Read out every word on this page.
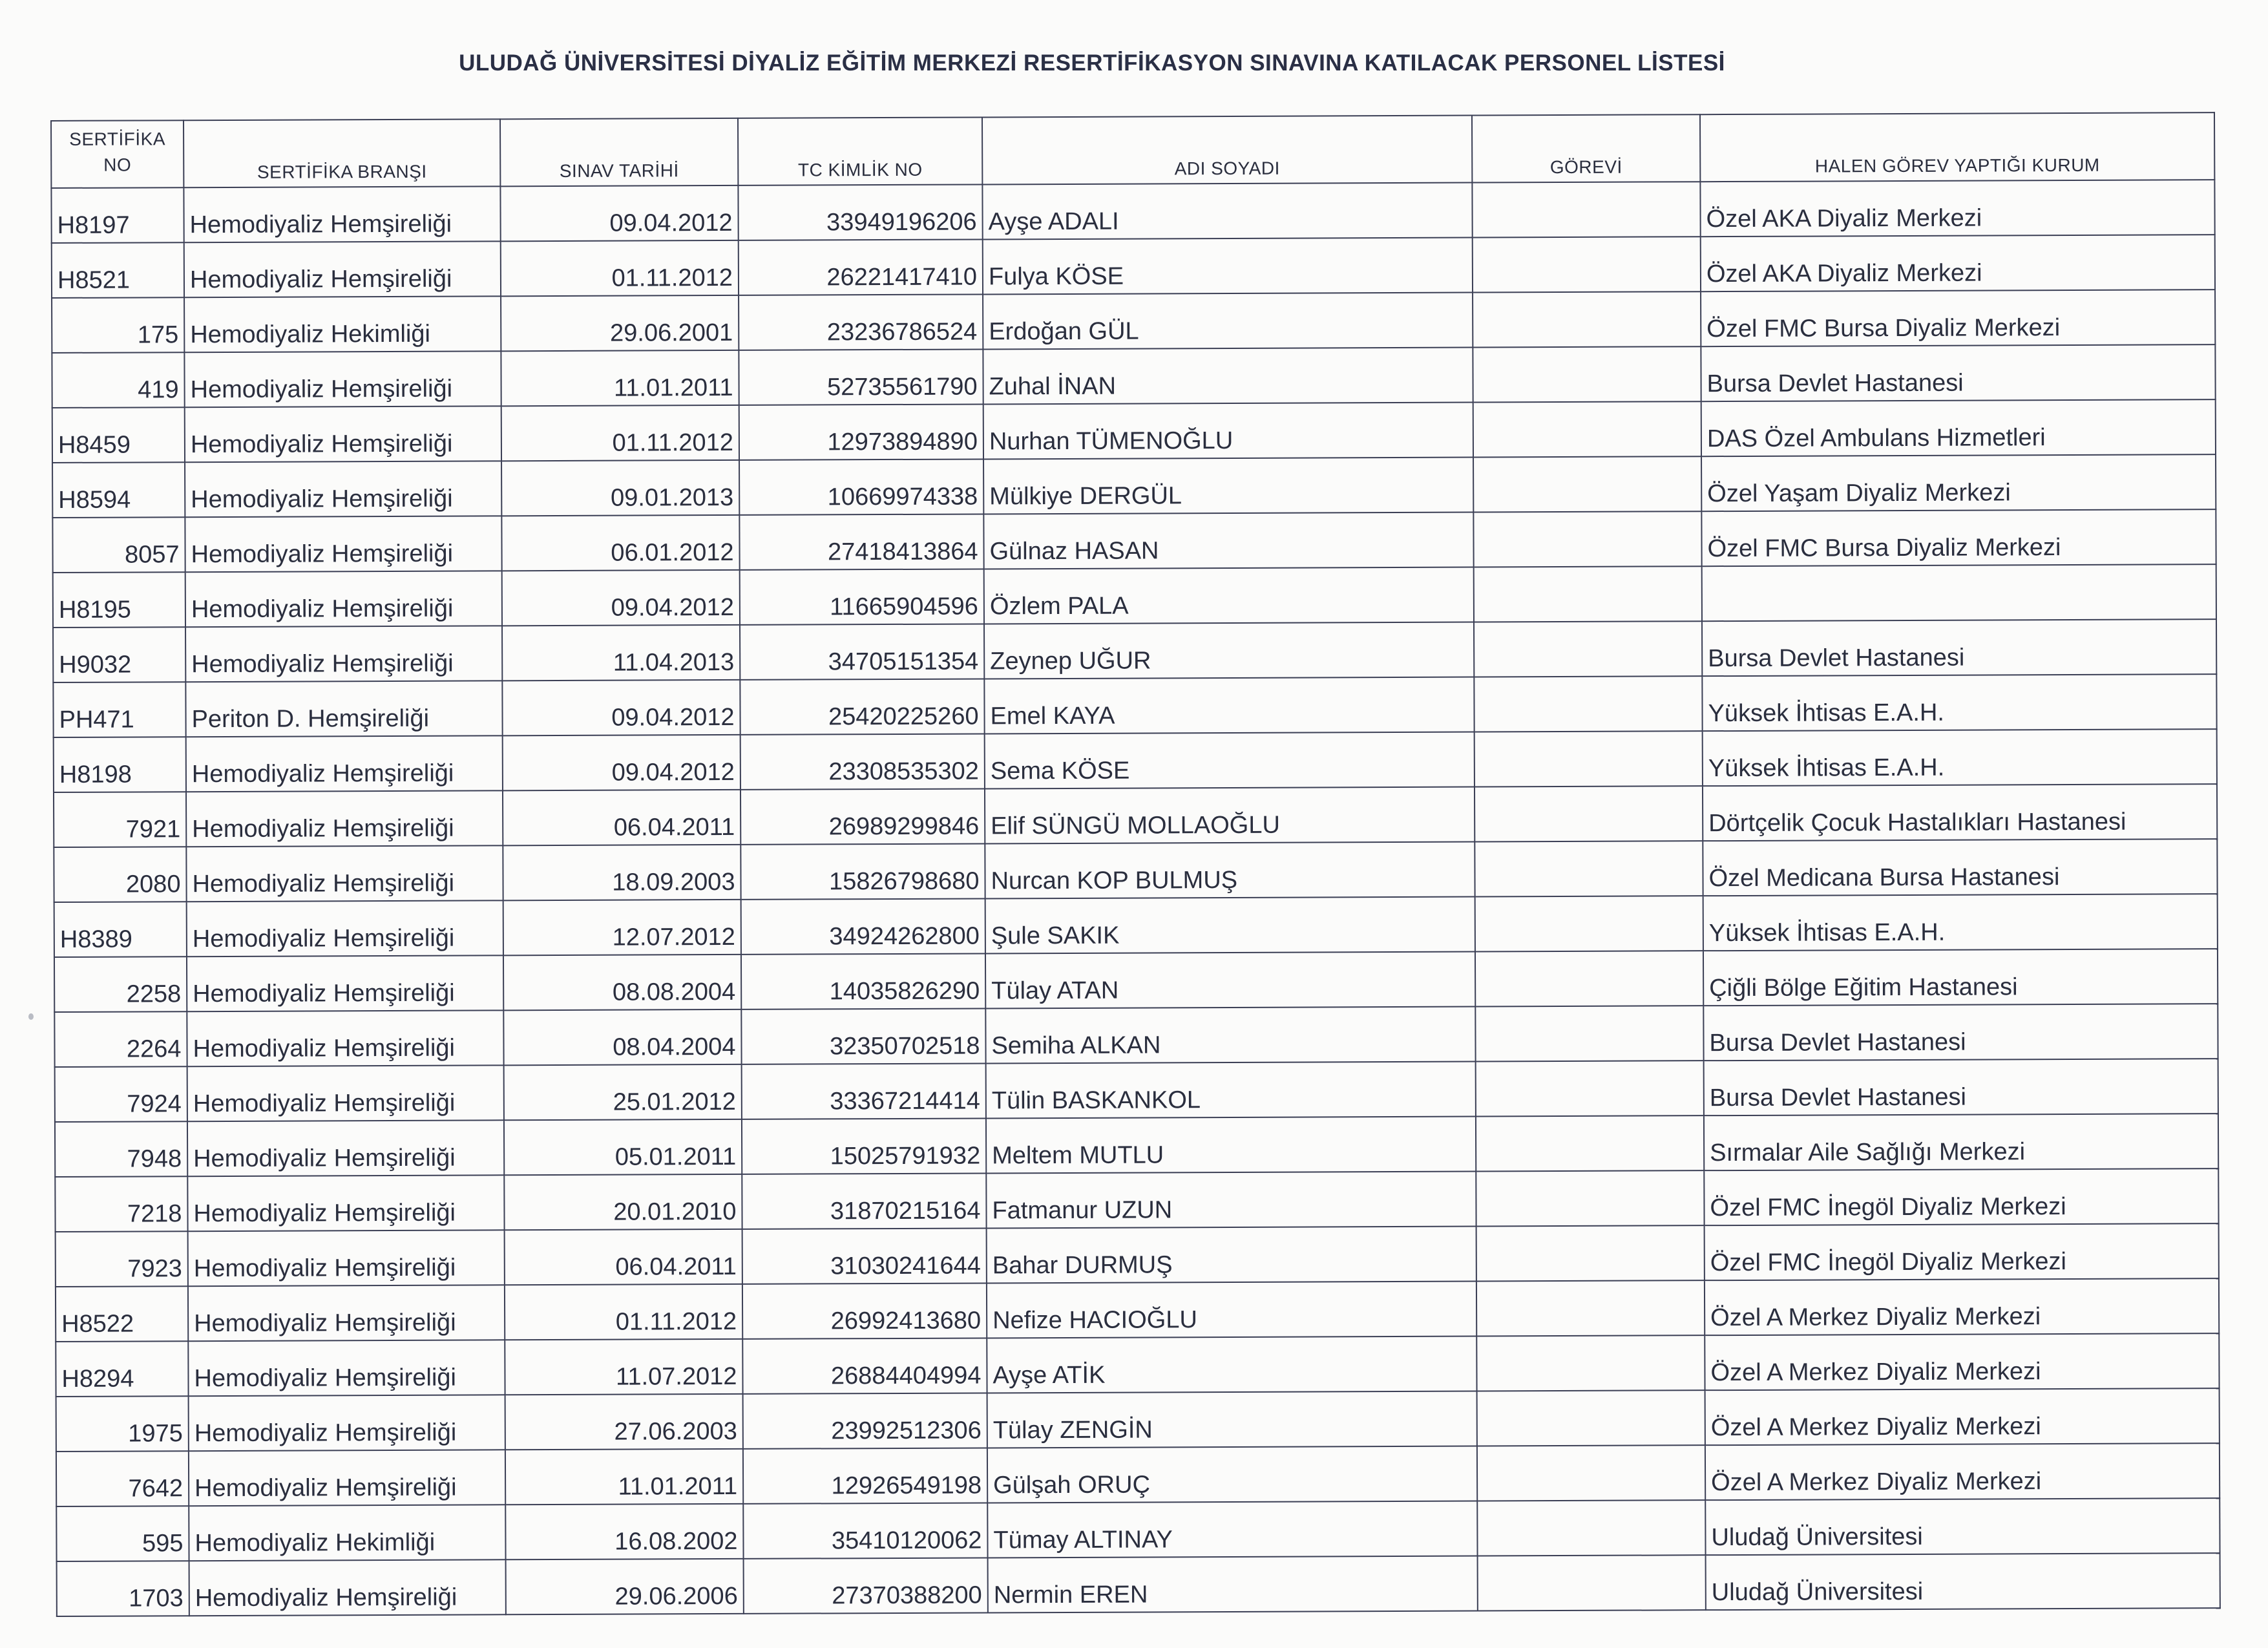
ULUDAĞ ÜNİVERSİTESİ DİYALİZ EĞİTİM MERKEZİ RESERTİFİKASYON SINAVINA KATILACAK PERSONEL LİSTESİ
SERTİFİKA
NO	SERTİFİKA BRANŞI	SINAV TARİHİ	TC KİMLİK NO	ADI SOYADI	GÖREVİ	HALEN GÖREV YAPTIĞI KURUM
H8197	Hemodiyaliz Hemşireliği	09.04.2012	33949196206	Ayşe ADALI		Özel AKA Diyaliz Merkezi
H8521	Hemodiyaliz Hemşireliği	01.11.2012	26221417410	Fulya KÖSE		Özel AKA Diyaliz Merkezi
175	Hemodiyaliz Hekimliği	29.06.2001	23236786524	Erdoğan GÜL		Özel FMC Bursa Diyaliz Merkezi
419	Hemodiyaliz Hemşireliği	11.01.2011	52735561790	Zuhal İNAN		Bursa Devlet Hastanesi
H8459	Hemodiyaliz Hemşireliği	01.11.2012	12973894890	Nurhan TÜMENOĞLU		DAS Özel Ambulans Hizmetleri
H8594	Hemodiyaliz Hemşireliği	09.01.2013	10669974338	Mülkiye DERGÜL		Özel Yaşam Diyaliz Merkezi
8057	Hemodiyaliz Hemşireliği	06.01.2012	27418413864	Gülnaz HASAN		Özel FMC Bursa Diyaliz Merkezi
H8195	Hemodiyaliz Hemşireliği	09.04.2012	11665904596	Özlem PALA		
H9032	Hemodiyaliz Hemşireliği	11.04.2013	34705151354	Zeynep UĞUR		Bursa Devlet Hastanesi
PH471	Periton D. Hemşireliği	09.04.2012	25420225260	Emel KAYA		Yüksek İhtisas E.A.H.
H8198	Hemodiyaliz Hemşireliği	09.04.2012	23308535302	Sema KÖSE		Yüksek İhtisas E.A.H.
7921	Hemodiyaliz Hemşireliği	06.04.2011	26989299846	Elif SÜNGÜ MOLLAOĞLU		Dörtçelik Çocuk Hastalıkları Hastanesi
2080	Hemodiyaliz Hemşireliği	18.09.2003	15826798680	Nurcan KOP BULMUŞ		Özel Medicana Bursa Hastanesi
H8389	Hemodiyaliz Hemşireliği	12.07.2012	34924262800	Şule SAKIK		Yüksek İhtisas E.A.H.
2258	Hemodiyaliz Hemşireliği	08.08.2004	14035826290	Tülay ATAN		Çiğli Bölge Eğitim Hastanesi
2264	Hemodiyaliz Hemşireliği	08.04.2004	32350702518	Semiha ALKAN		Bursa Devlet Hastanesi
7924	Hemodiyaliz Hemşireliği	25.01.2012	33367214414	Tülin BASKANKOL		Bursa Devlet Hastanesi
7948	Hemodiyaliz Hemşireliği	05.01.2011	15025791932	Meltem MUTLU		Sırmalar Aile Sağlığı Merkezi
7218	Hemodiyaliz Hemşireliği	20.01.2010	31870215164	Fatmanur UZUN		Özel FMC İnegöl Diyaliz Merkezi
7923	Hemodiyaliz Hemşireliği	06.04.2011	31030241644	Bahar DURMUŞ		Özel FMC İnegöl Diyaliz Merkezi
H8522	Hemodiyaliz Hemşireliği	01.11.2012	26992413680	Nefize HACIOĞLU		Özel A Merkez Diyaliz Merkezi
H8294	Hemodiyaliz Hemşireliği	11.07.2012	26884404994	Ayşe ATİK		Özel A Merkez Diyaliz Merkezi
1975	Hemodiyaliz Hemşireliği	27.06.2003	23992512306	Tülay ZENGİN		Özel A Merkez Diyaliz Merkezi
7642	Hemodiyaliz Hemşireliği	11.01.2011	12926549198	Gülşah ORUÇ		Özel A Merkez Diyaliz Merkezi
595	Hemodiyaliz Hekimliği	16.08.2002	35410120062	Tümay ALTINAY		Uludağ Üniversitesi
1703	Hemodiyaliz Hemşireliği	29.06.2006	27370388200	Nermin EREN		Uludağ Üniversitesi
